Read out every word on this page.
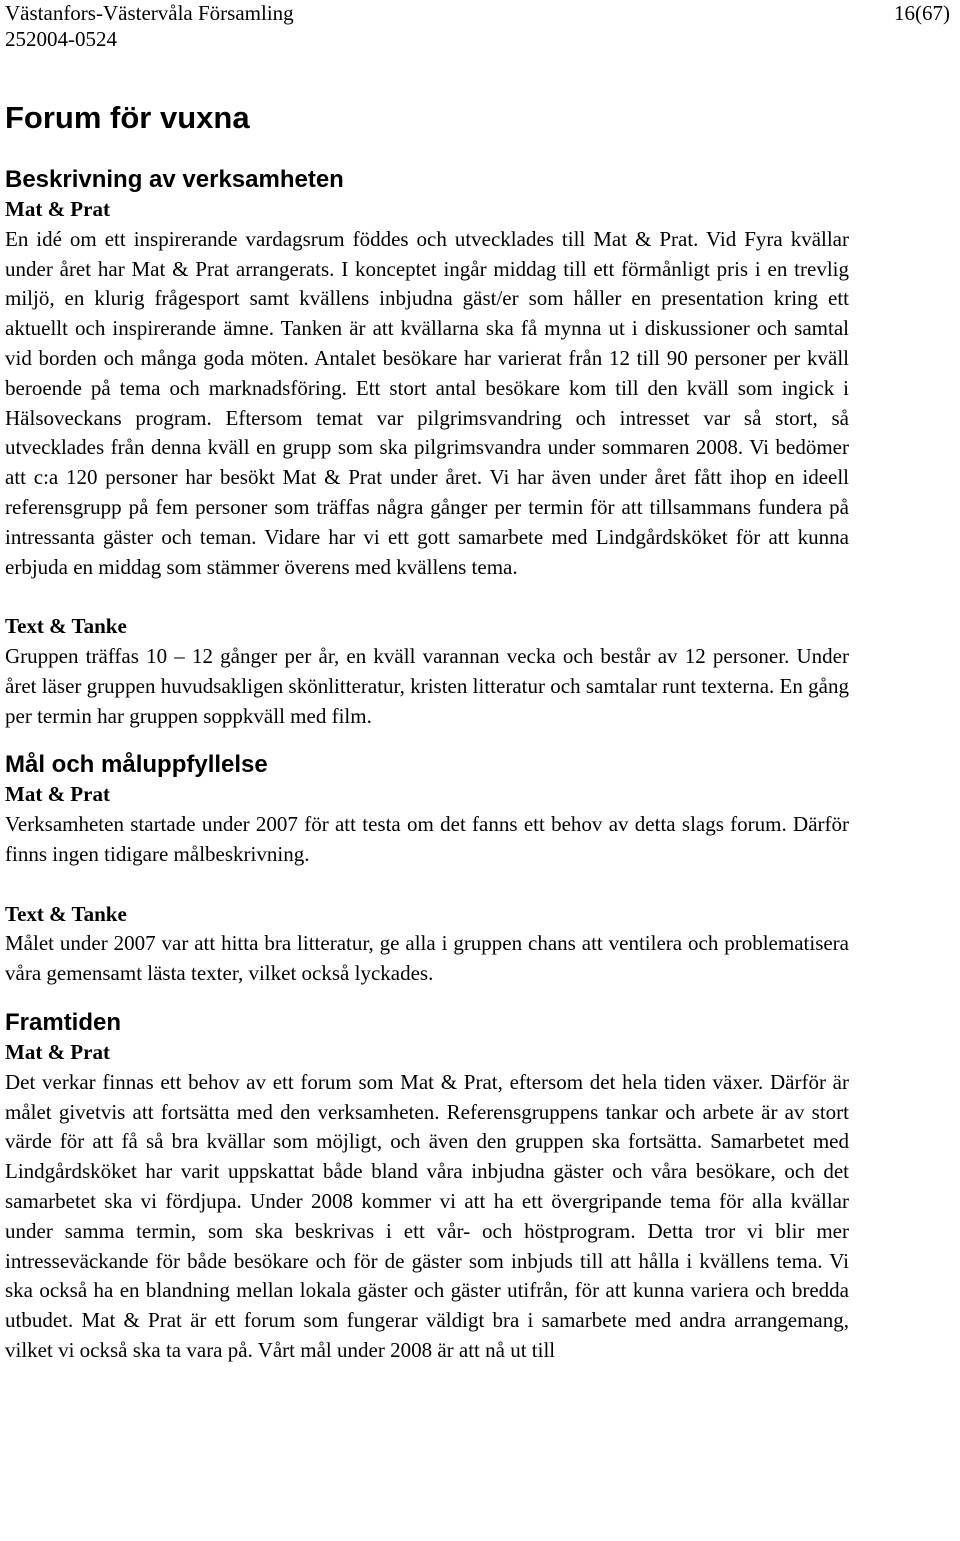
Västanfors-Västervåla Församling	16(67)
252004-0524
Forum för vuxna
Beskrivning av verksamheten
Mat & Prat

En idé om ett inspirerande vardagsrum föddes och utvecklades till Mat & Prat. Vid Fyra kvällar under året har Mat & Prat arrangerats. I konceptet ingår middag till ett förmånligt pris i en trevlig miljö, en klurig frågesport samt kvällens inbjudna gäst/er som håller en presentation kring ett aktuellt och inspirerande ämne. Tanken är att kvällarna ska få mynna ut i diskussioner och samtal vid borden och många goda möten. Antalet besökare har varierat från 12 till 90 personer per kväll beroende på tema och marknadsföring. Ett stort antal besökare kom till den kväll som ingick i Hälsoveckans program. Eftersom temat var pilgrimsvandring och intresset var så stort, så utvecklades från denna kväll en grupp som ska pilgrimsvandra under sommaren 2008. Vi bedömer att c:a 120 personer har besökt Mat & Prat under året. Vi har även under året fått ihop en ideell referensgrupp på fem personer som träffas några gånger per termin för att tillsammans fundera på intressanta gäster och teman. Vidare har vi ett gott samarbete med Lindgårdsköket för att kunna erbjuda en middag som stämmer överens med kvällens tema.

Text & Tanke

Gruppen träffas 10 – 12 gånger per år, en kväll varannan vecka och består av 12 personer. Under året läser gruppen huvudsakligen skönlitteratur, kristen litteratur och samtalar runt texterna. En gång per termin har gruppen soppkväll med film.

Mål och måluppfyllelse
Mat & Prat

Verksamheten startade under 2007 för att testa om det fanns ett behov av detta slags forum. Därför finns ingen tidigare målbeskrivning.

Text & Tanke

Målet under 2007 var att hitta bra litteratur, ge alla i gruppen chans att ventilera och problematisera våra gemensamt lästa texter, vilket också lyckades.

Framtiden
Mat & Prat

Det verkar finnas ett behov av ett forum som Mat & Prat, eftersom det hela tiden växer. Därför är målet givetvis att fortsätta med den verksamheten. Referensgruppens tankar och arbete är av stort värde för att få så bra kvällar som möjligt, och även den gruppen ska fortsätta. Samarbetet med Lindgårdsköket har varit uppskattat både bland våra inbjudna gäster och våra besökare, och det samarbetet ska vi fördjupa. Under 2008 kommer vi att ha ett övergripande tema för alla kvällar under samma termin, som ska beskrivas i ett vår- och höstprogram. Detta tror vi blir mer intresseväckande för både besökare och för de gäster som inbjuds till att hålla i kvällens tema. Vi ska också ha en blandning mellan lokala gäster och gäster utifrån, för att kunna variera och bredda utbudet. Mat & Prat är ett forum som fungerar väldigt bra i samarbete med andra arrangemang, vilket vi också ska ta vara på. Vårt mål under 2008 är att nå ut till
